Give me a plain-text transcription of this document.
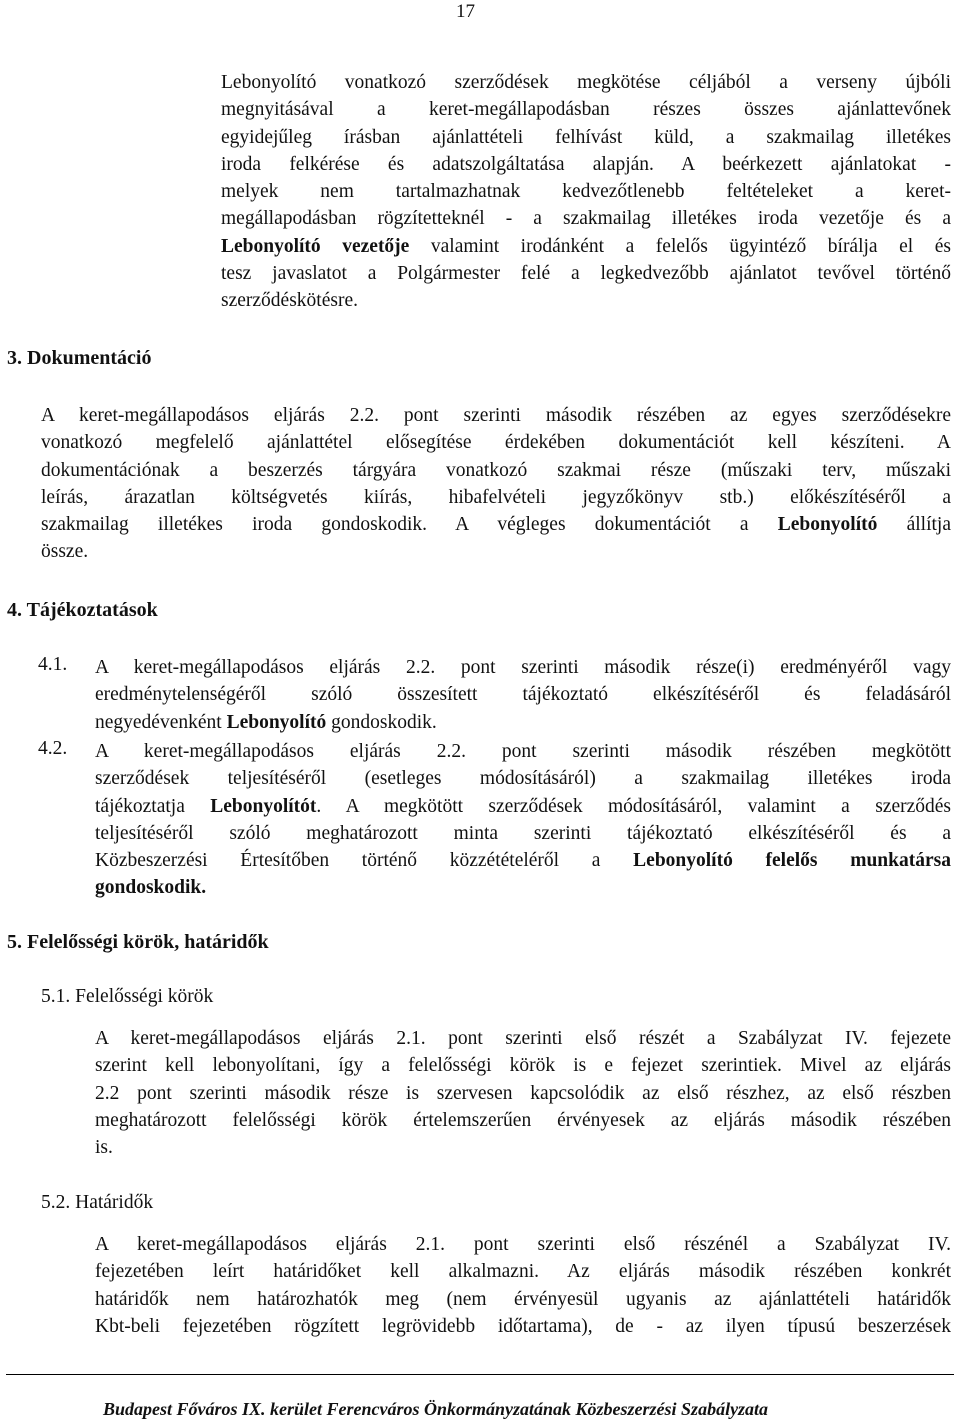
17
Lebonyolító vonatkozó szerződések megkötése céljából a verseny újbóli
megnyitásával a keret-megállapodásban részes összes ajánlattevőnek
egyidejűleg írásban ajánlattételi felhívást küld, a szakmailag illetékes
iroda felkérése és adatszolgáltatása alapján. A beérkezett ajánlatokat -
melyek nem tartalmazhatnak kedvezőtlenebb feltételeket a keret-
megállapodásban rögzítetteknél - a szakmailag illetékes iroda vezetője és a
Lebonyolító vezetője valamint irodánként a felelős ügyintéző bírálja el és
tesz javaslatot a Polgármester felé a legkedvezőbb ajánlatot tevővel történő
szerződéskötésre.
3. Dokumentáció
A keret-megállapodásos eljárás 2.2. pont szerinti második részében az egyes szerződésekre
vonatkozó megfelelő ajánlattétel elősegítése érdekében dokumentációt kell készíteni. A
dokumentációnak a beszerzés tárgyára vonatkozó szakmai része (műszaki terv, műszaki
leírás, árazatlan költségvetés kiírás, hibafelvételi jegyzőkönyv stb.) előkészítéséről a
szakmailag illetékes iroda gondoskodik. A végleges dokumentációt a Lebonyolító állítja
össze.
4. Tájékoztatások
4.1. A keret-megállapodásos eljárás 2.2. pont szerinti második része(i) eredményéről vagy
eredménytelenségéről szóló összesített tájékoztató elkészítéséről és feladásáról
negyedévenként Lebonyolító gondoskodik.
4.2. A keret-megállapodásos eljárás 2.2. pont szerinti második részében megkötött
szerződések teljesítéséről (esetleges módosításáról) a szakmailag illetékes iroda
tájékoztatja Lebonyolítót. A megkötött szerződések módosításáról, valamint a szerződés
teljesítéséről szóló meghatározott minta szerinti tájékoztató elkészítéséről és a
Közbeszerzési Értesítőben történő közzétételéről a Lebonyolító felelős munkatársa
gondoskodik.
5. Felelősségi körök, határidők
5.1. Felelősségi körök
A keret-megállapodásos eljárás 2.1. pont szerinti első részét a Szabályzat IV. fejezete
szerint kell lebonyolítani, így a felelősségi körök is e fejezet szerintiek. Mivel az eljárás
2.2 pont szerinti második része is szervesen kapcsolódik az első részhez, az első részben
meghatározott felelősségi körök értelemszerűen érvényesek az eljárás második részében
is.
5.2. Határidők
A keret-megállapodásos eljárás 2.1. pont szerinti első részénél a Szabályzat IV.
fejezetében leírt határidőket kell alkalmazni. Az eljárás második részében konkrét
határidők nem határozhatók meg (nem érvényesül ugyanis az ajánlattételi határidők
Kbt-beli fejezetében rögzített legrövidebb időtartama), de - az ilyen típusú beszerzések
Budapest Főváros IX. kerület Ferencváros Önkormányzatának Közbeszerzési Szabályzata
